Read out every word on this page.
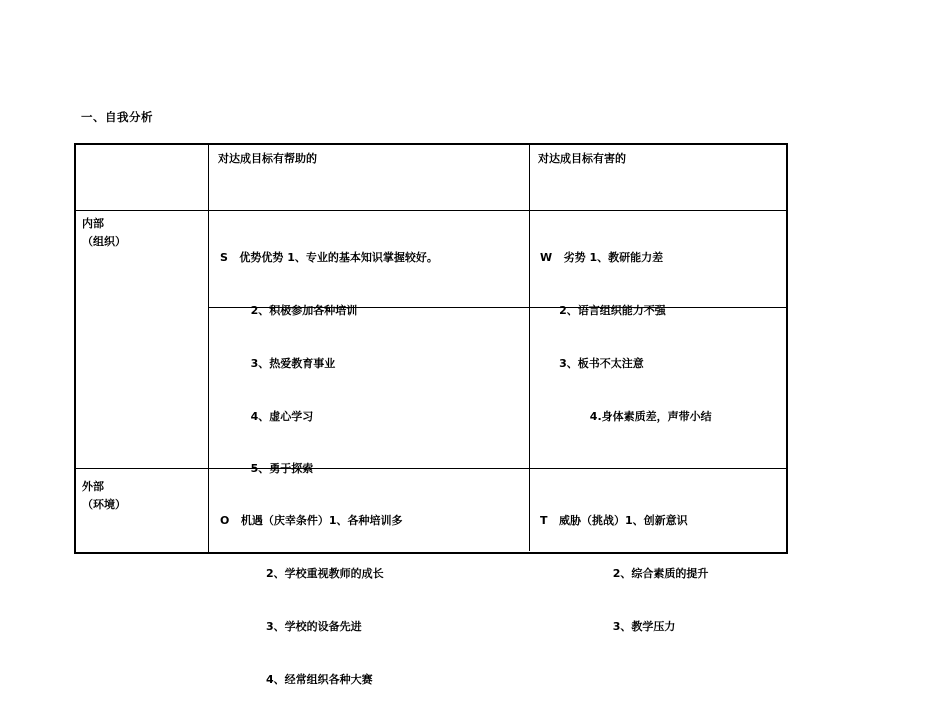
一、自我分析
对达成目标有帮助的	对达成目标有害的
内部
（组织）
外部
（环境）

S   优势优势 1、专业的基本知识掌握较好。

2、积极参加各种培训

3、热爱教育事业

4、虚心学习

5、勇于探索

W   劣势 1、教研能力差

2、语言组织能力不强

3、板书不太注意

4.身体素质差，声带小结

O   机遇（庆幸条件）1、各种培训多

2、学校重视教师的成长

3、学校的设备先进

4、经常组织各种大赛

T   威胁（挑战）1、创新意识

2、综合素质的提升

3、教学压力
